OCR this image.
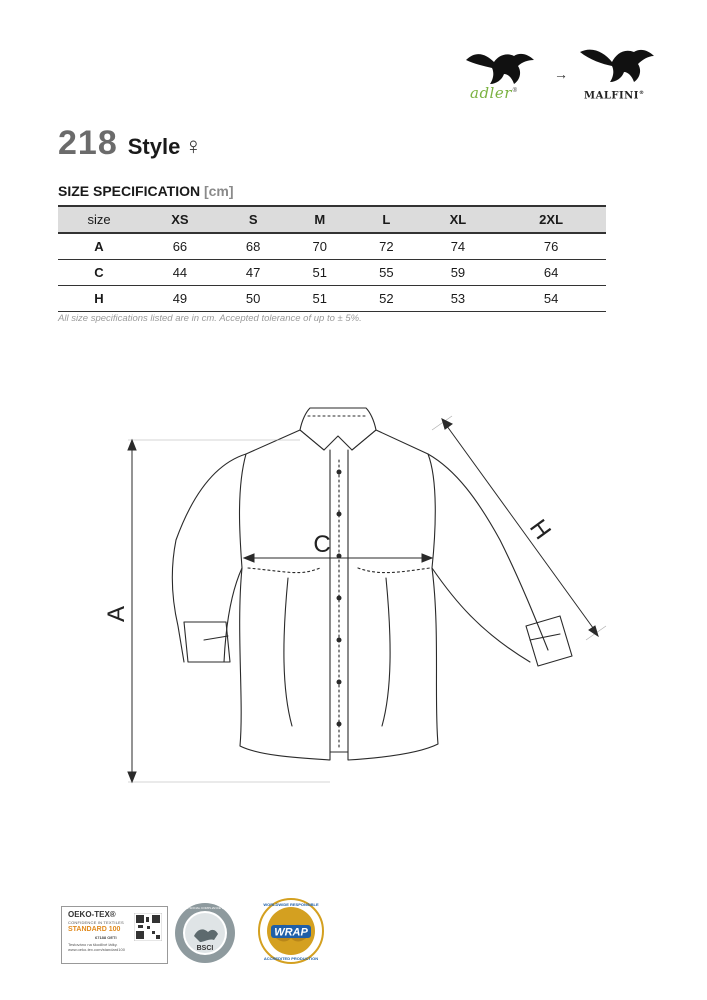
adler®
→
MALFINI®
218 Style ♀
SIZE SPECIFICATION [cm]
size	XS	S	M	L	XL	2XL
A	66	68	70	72	74	76
C	44	47	51	55	59	64
H	49	50	51	52	53	54
All size specifications listed are in cm. Accepted tolerance of up to ± 5%.
A
C	H
OEKO-TEX®
CONFIDENCE IN TEXTILES
STANDARD 100
67188 OETI
Testováno na škodlivé látky. www.oeko-tex.com/standard100	BSCI
BUSINESS SOCIAL COMPLIANCE INITIATIVE
WRAP
WORLDWIDE RESPONSIBLE
ACCREDITED PRODUCTION
